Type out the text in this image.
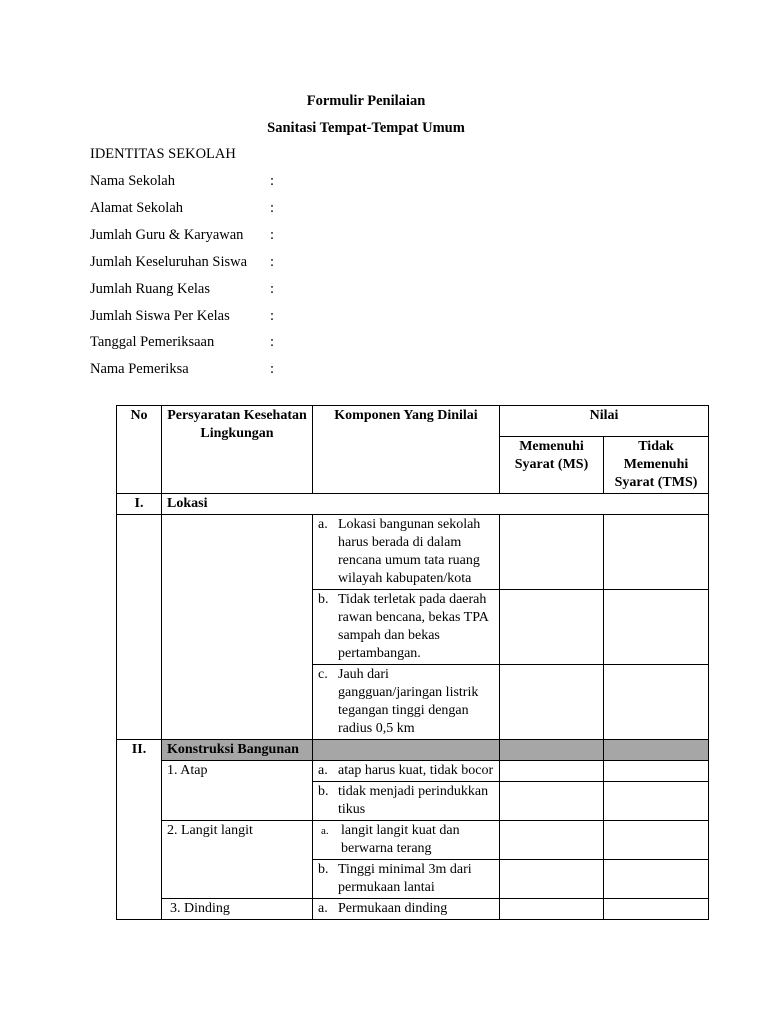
Formulir Penilaian
Sanitasi Tempat-Tempat Umum
IDENTITAS SEKOLAH
Nama Sekolah	:
Alamat Sekolah	:
Jumlah Guru & Karyawan :
Jumlah Keseluruhan Siswa :
Jumlah Ruang Kelas	:
Jumlah Siswa Per Kelas	:
Tanggal Pemeriksaan	:
Nama Pemeriksa	:
No	Persyaratan Kesehatan Lingkungan	Komponen Yang Dinilai	Nilai	
			Memenuhi Syarat (MS)	Tidak Memenuhi Syarat (TMS)
I.	Lokasi			

		a. Lokasi bangunan sekolah harus berada di dalam rencana umum tata ruang wilayah kabupaten/kota		

		b. Tidak terletak pada daerah rawan bencana, bekas TPA sampah dan bekas pertambangan.		

		c. Jauh dari gangguan/jaringan listrik tegangan tinggi dengan radius 0,5 km		

II.	Konstruksi Bangunan			
	1. Atap	a. atap harus kuat, tidak bocor		

		b. tidak menjadi perindukkan tikus		

	2. Langit langit	a. langit langit kuat dan berwarna terang		

		b. Tinggi minimal 3m dari permukaan lantai		

	3. Dinding	a. Permukaan dinding		
